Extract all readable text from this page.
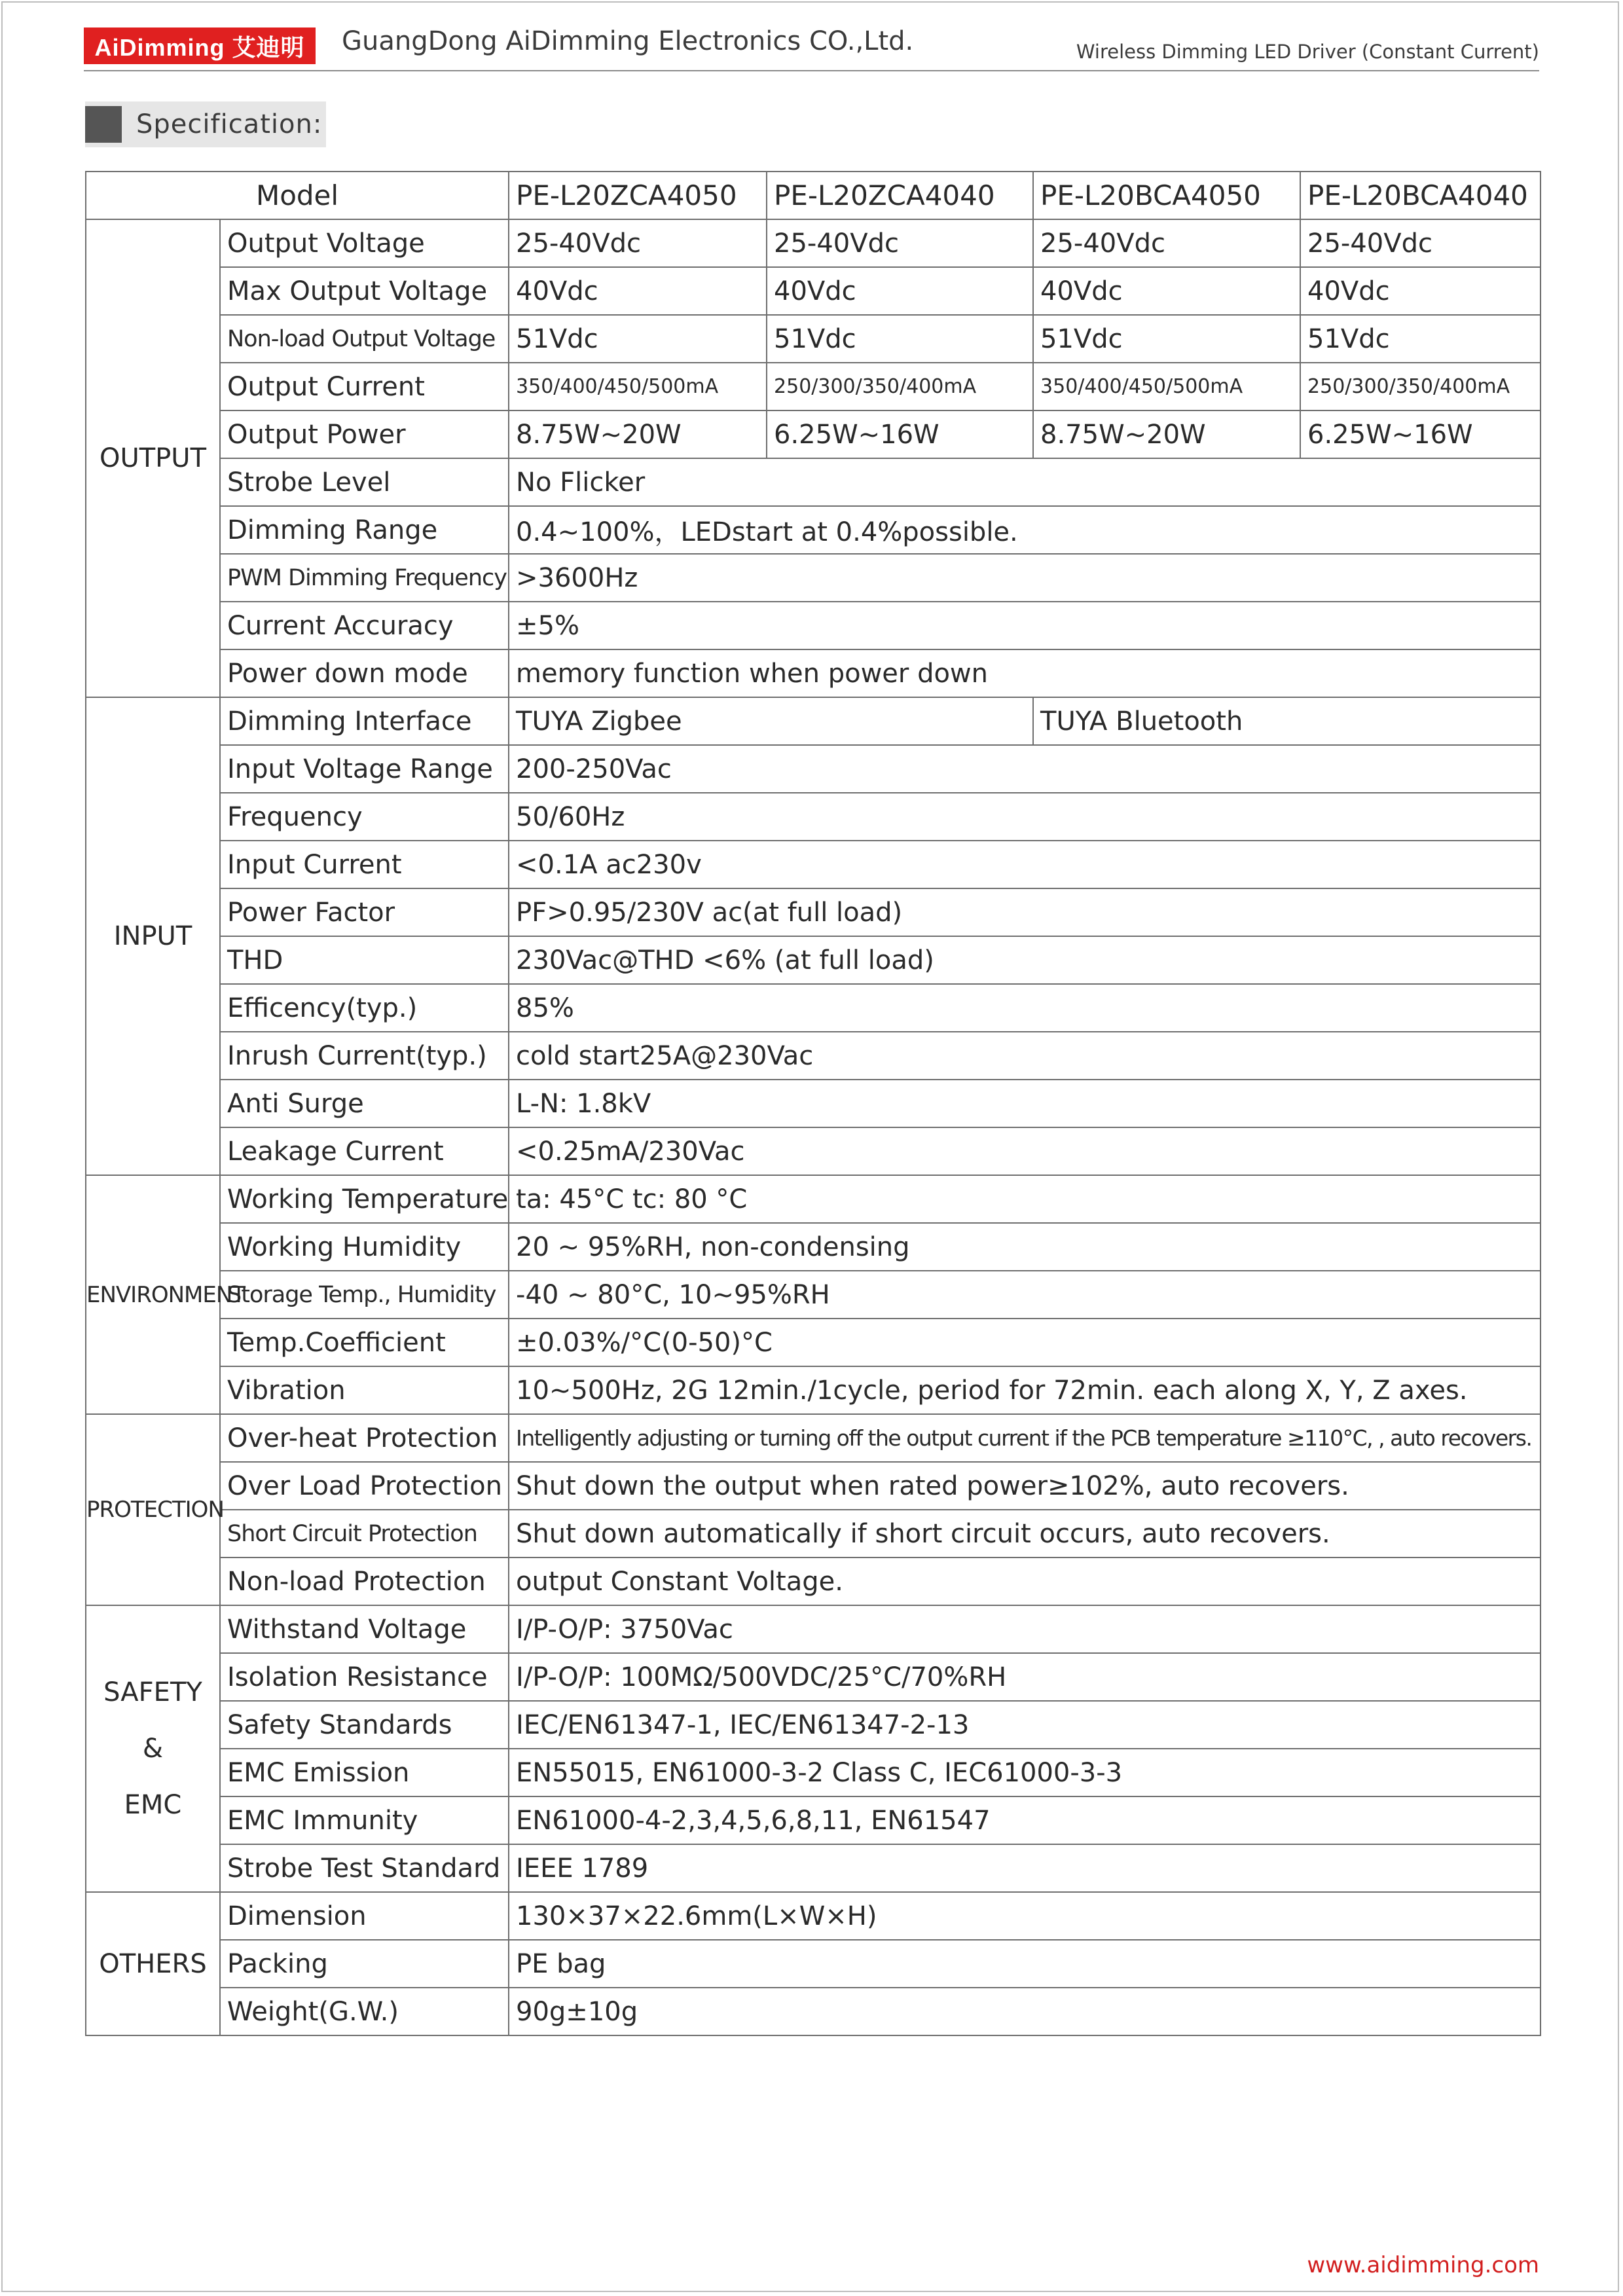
AiDimming 艾迪明	GuangDong AiDimming Electronics CO.,Ltd.	Wireless Dimming LED Driver (Constant Current)
Specification:
Model		PE-L20ZCA4050	PE-L20ZCA4040	PE-L20BCA4050	PE-L20BCA4040
OUTPUT	Output Voltage	25-40Vdc	25-40Vdc	25-40Vdc	25-40Vdc
	Max Output Voltage	40Vdc	40Vdc	40Vdc	40Vdc
	Non-load Output Voltage	51Vdc	51Vdc	51Vdc	51Vdc
	Output Current	350/400/450/500mA	250/300/350/400mA	350/400/450/500mA	250/300/350/400mA
	Output Power	8.75W~20W	6.25W~16W	8.75W~20W	6.25W~16W
	Strobe Level	No Flicker			
	Dimming Range	0.4~100%，LEDstart at 0.4%possible.			
	PWM Dimming Frequency	>3600Hz			
	Current Accuracy	±5%			
	Power down mode	memory function when power down			
INPUT	Dimming Interface	TUYA Zigbee		TUYA Bluetooth	
	Input Voltage Range	200-250Vac			
	Frequency	50/60Hz			
	Input Current	<0.1A ac230v			
	Power Factor	PF>0.95/230V ac(at full load)			
	THD	230Vac@THD <6% (at full load)			
	Efficency(typ.)	85%			
	Inrush Current(typ.)	cold start25A@230Vac			
	Anti Surge	L-N: 1.8kV			
	Leakage Current	<0.25mA/230Vac			
ENVIRONMENT	Working Temperature	ta: 45°C tc: 80 °C			
	Working Humidity	20 ~ 95%RH, non-condensing			
	Storage Temp., Humidity	-40 ~ 80°C, 10~95%RH			
	Temp.Coefficient	±0.03%/°C(0-50)°C			
	Vibration	10~500Hz, 2G 12min./1cycle, period for 72min. each along X, Y, Z axes.			
PROTECTION	Over-heat Protection	Intelligently adjusting or turning off the output current if the PCB temperature ≥110°C, , auto recovers.			
	Over Load Protection	Shut down the output when rated power≥102%, auto recovers.			
	Short Circuit Protection	Shut down automatically if short circuit occurs, auto recovers.			
	Non-load Protection	output Constant Voltage.			

SAFETY
&
EMC	Withstand Voltage	I/P-O/P: 3750Vac			
	Isolation Resistance	I/P-O/P: 100MΩ/500VDC/25°C/70%RH			
	Safety Standards	IEC/EN61347-1, IEC/EN61347-2-13			
	EMC Emission	EN55015, EN61000-3-2 Class C, IEC61000-3-3			
	EMC Immunity	EN61000-4-2,3,4,5,6,8,11, EN61547			
	Strobe Test Standard	IEEE 1789			
OTHERS	Dimension	130×37×22.6mm(L×W×H)			
	Packing	PE bag			
	Weight(G.W.)	90g±10g			
www.aidimming.com
